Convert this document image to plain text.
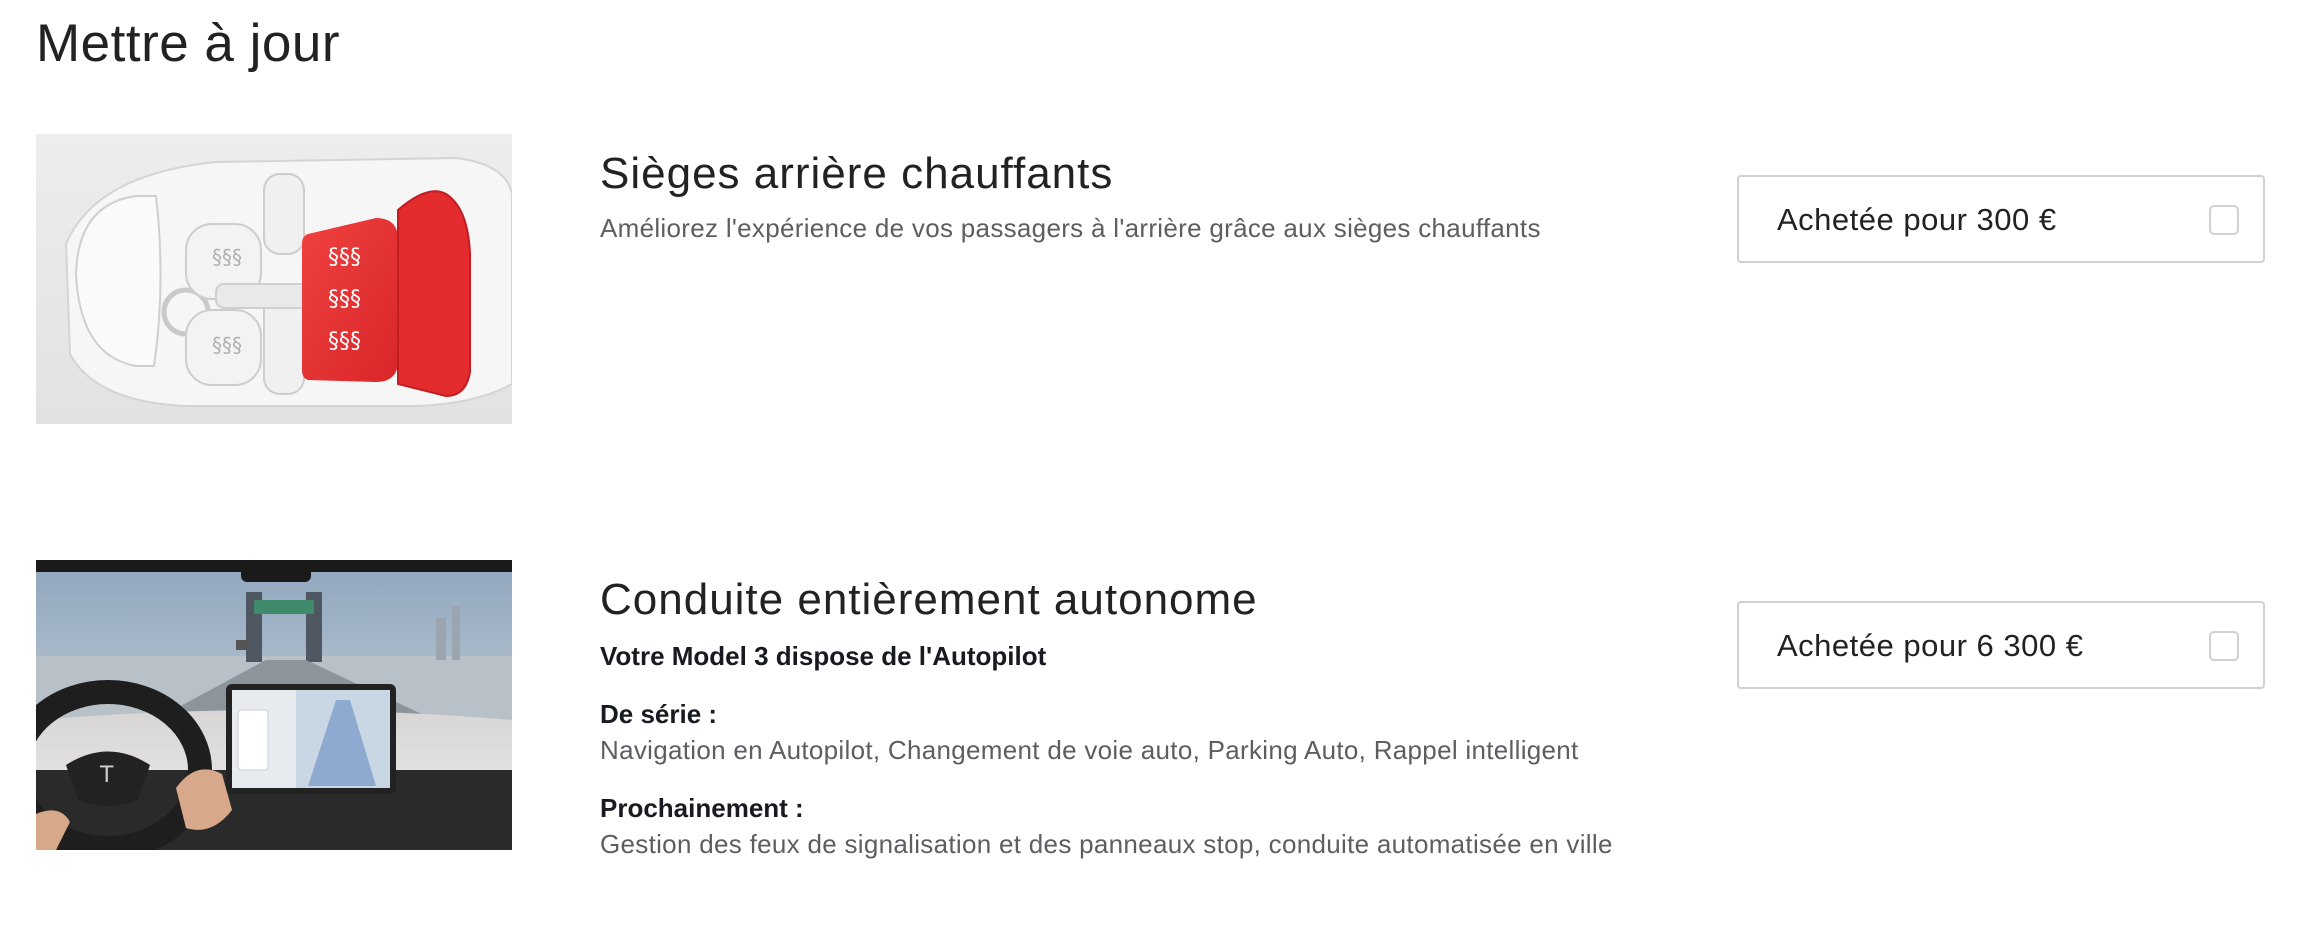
Mettre à jour
§§§
§§§
§§§
§§§
§§§
Sièges arrière chauffants

Améliorez l'expérience de vos passagers à l'arrière grâce aux sièges chauffants	Achetée pour 300 €
T
Conduite entièrement autonome

Votre Model 3 dispose de l'Autopilot

De série :

Navigation en Autopilot, Changement de voie auto, Parking Auto, Rappel intelligent

Prochainement :

Gestion des feux de signalisation et des panneaux stop, conduite automatisée en ville

Achetée pour 6 300 €
